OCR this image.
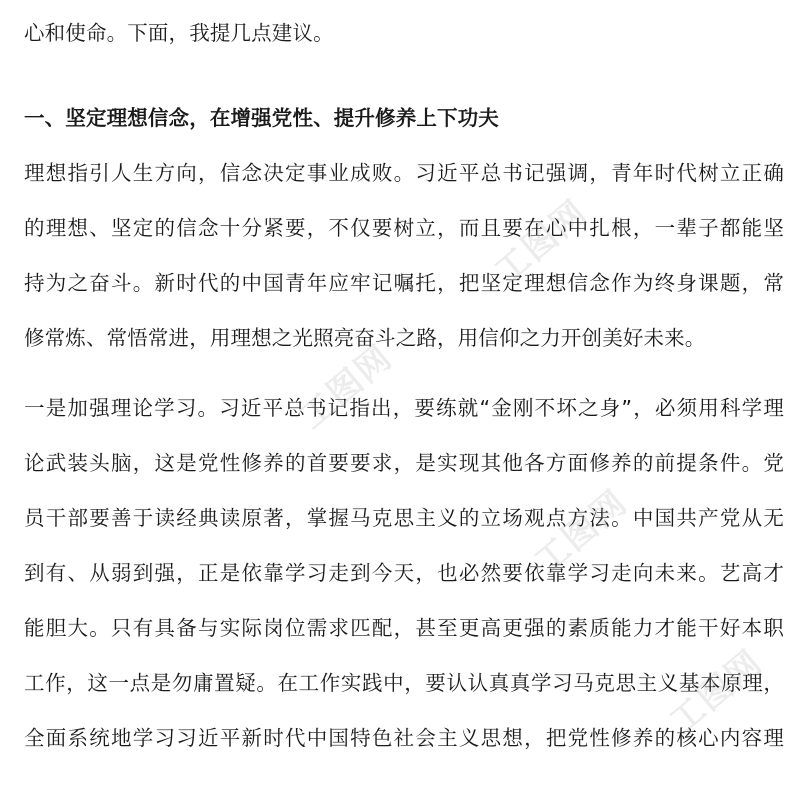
心和使命。下面，我提几点建议。
一、坚定理想信念，在增强党性、提升修养上下功夫
理想指引人生方向，信念决定事业成败。习近平总书记强调，青年时代树立正确
的理想、坚定的信念十分紧要，不仅要树立，而且要在心中扎根，一辈子都能坚
持为之奋斗。新时代的中国青年应牢记嘱托，把坚定理想信念作为终身课题，常
修常炼、常悟常进，用理想之光照亮奋斗之路，用信仰之力开创美好未来。
一是加强理论学习。习近平总书记指出，要练就“金刚不坏之身”，必须用科学理
论武装头脑，这是党性修养的首要要求，是实现其他各方面修养的前提条件。党
员干部要善于读经典读原著，掌握马克思主义的立场观点方法。中国共产党从无
到有、从弱到强，正是依靠学习走到今天，也必然要依靠学习走向未来。艺高才
能胆大。只有具备与实际岗位需求匹配，甚至更高更强的素质能力才能干好本职
工作，这一点是勿庸置疑。在工作实践中，要认认真真学习马克思主义基本原理，
全面系统地学习习近平新时代中国特色社会主义思想，把党性修养的核心内容理
工图网
工图网
工图网
工图网
